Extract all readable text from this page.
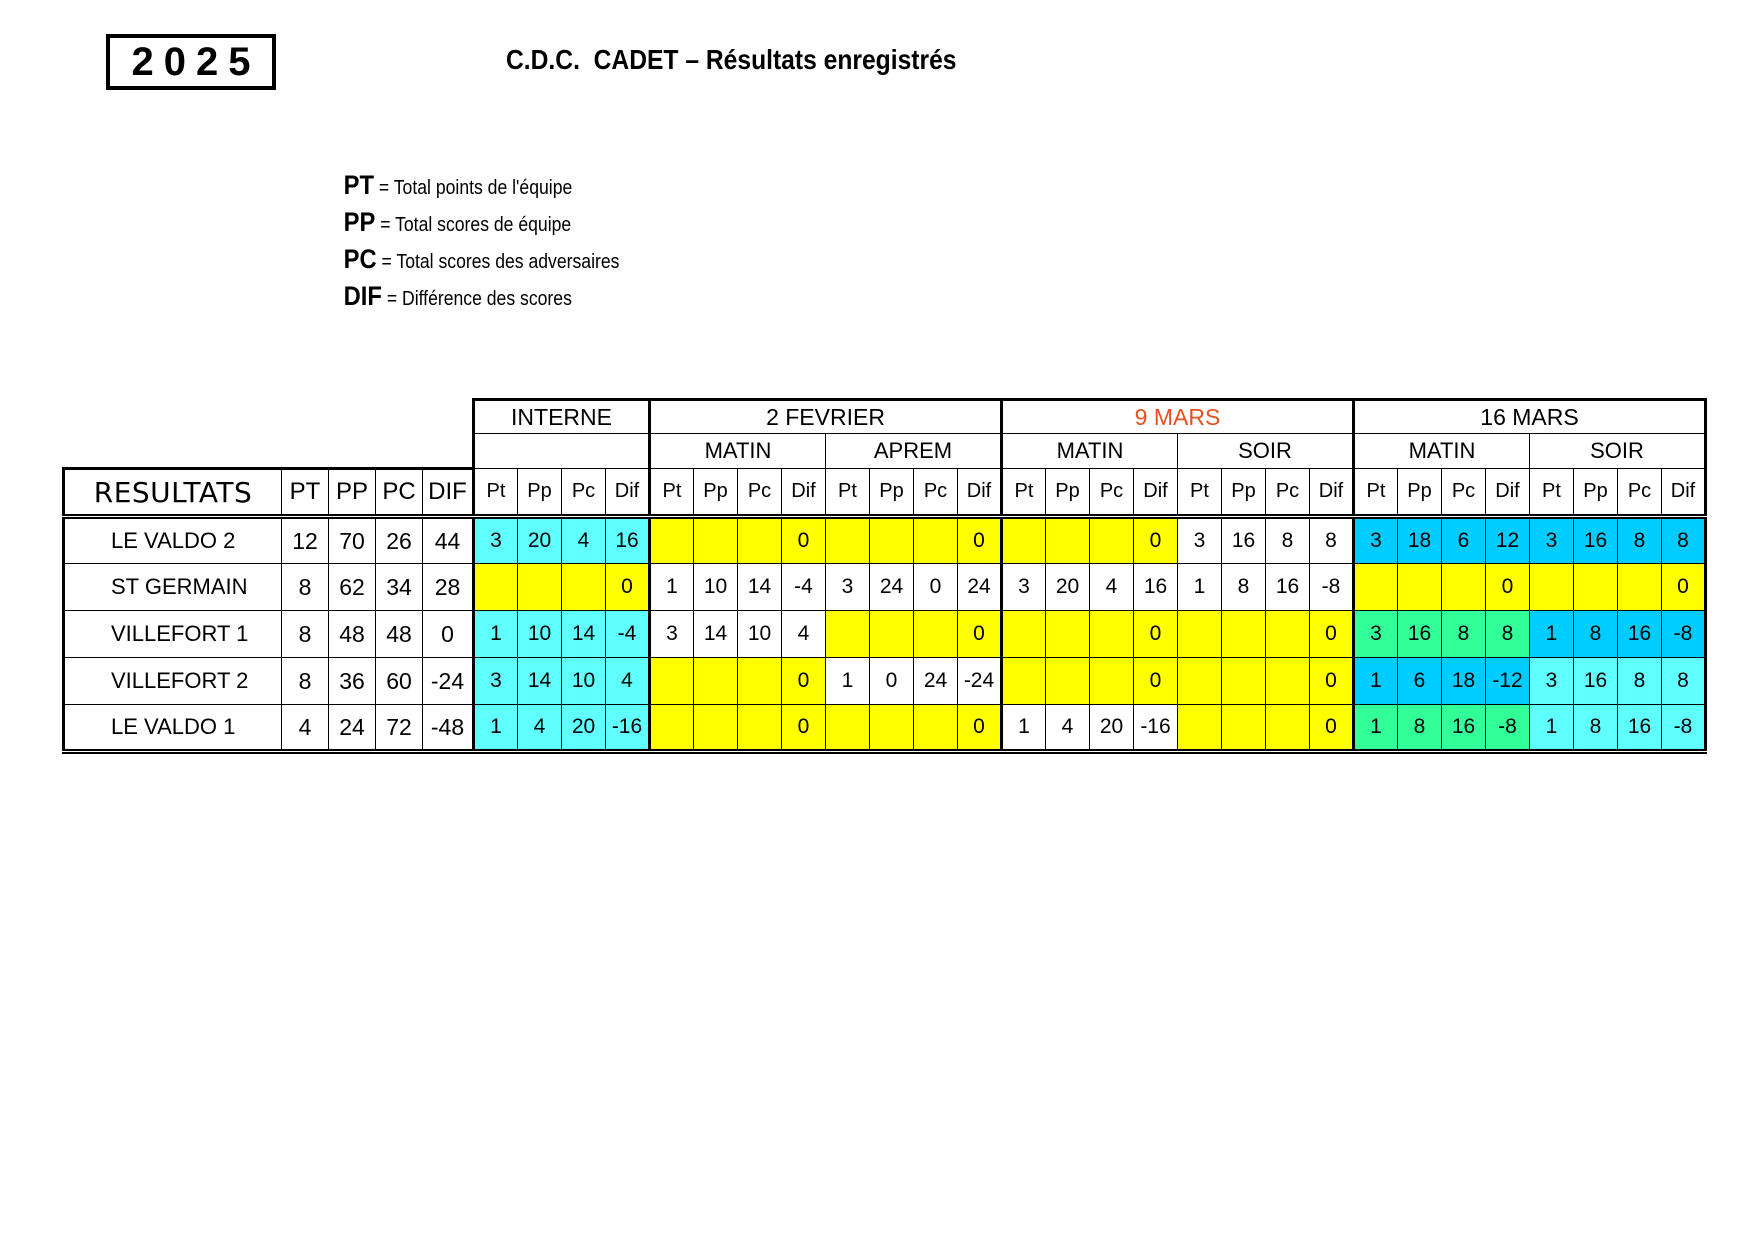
2025	C.D.C.  CADET – Résultats enregistrés

PT = Total points de l'équipe

PP = Total scores de équipe

PC = Total scores des adversaires

DIF = Différence des scores

					INTERNE				2 FEVRIER								9 MARS								16 MARS							
									MATIN				APREM				MATIN				SOIR				MATIN				SOIR			
RESULTATS	PT	PP	PC	DIF	Pt	Pp	Pc	Dif	Pt	Pp	Pc	Dif	Pt	Pp	Pc	Dif	Pt	Pp	Pc	Dif	Pt	Pp	Pc	Dif	Pt	Pp	Pc	Dif	Pt	Pp	Pc	Dif
LE VALDO 2	12	70	26	44	3	20	4	16				0				0				0	3	16	8	8	3	18	6	12	3	16	8	8
ST GERMAIN	8	62	34	28				0	1	10	14	-4	3	24	0	24	3	20	4	16	1	8	16	-8				0				0
VILLEFORT 1	8	48	48	0	1	10	14	-4	3	14	10	4				0				0				0	3	16	8	8	1	8	16	-8
VILLEFORT 2	8	36	60	-24	3	14	10	4				0	1	0	24	-24				0				0	1	6	18	-12	3	16	8	8
LE VALDO 1	4	24	72	-48	1	4	20	-16				0				0	1	4	20	-16				0	1	8	16	-8	1	8	16	-8
